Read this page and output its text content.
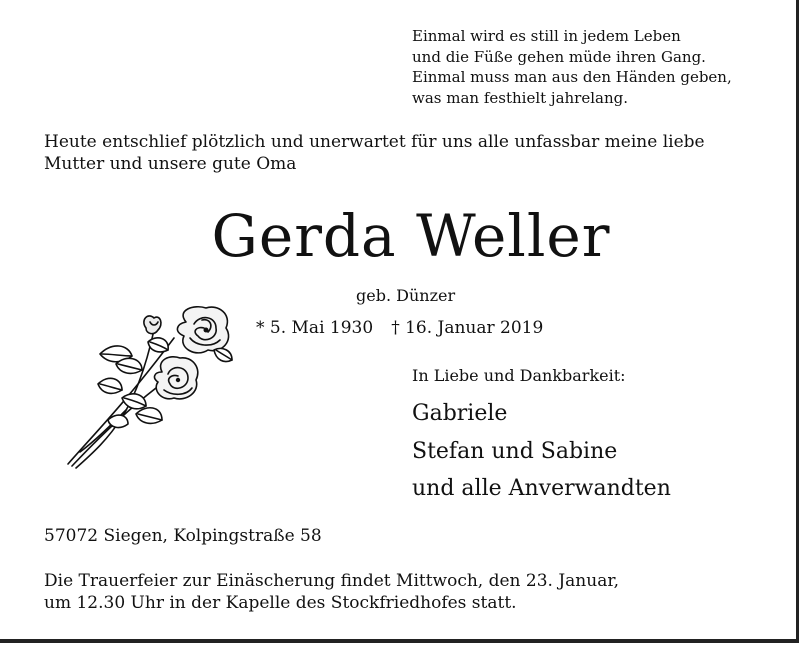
Einmal wird es still in jedem Leben
und die Füße gehen müde ihren Gang.
Einmal muss man aus den Händen geben,
was man festhielt jahrelang.
Heute entschlief plötzlich und unerwartet für uns alle unfassbar meine liebe
Mutter und unsere gute Oma
Gerda Weller
geb. Dünzer
* 5. Mai 1930 † 16. Januar 2019
In Liebe und Dankbarkeit:
Gabriele
Stefan und Sabine
und alle Anverwandten
57072 Siegen, Kolpingstraße 58
Die Trauerfeier zur Einäscherung findet Mittwoch, den 23. Januar,
um 12.30 Uhr in der Kapelle des Stockfriedhofes statt.
